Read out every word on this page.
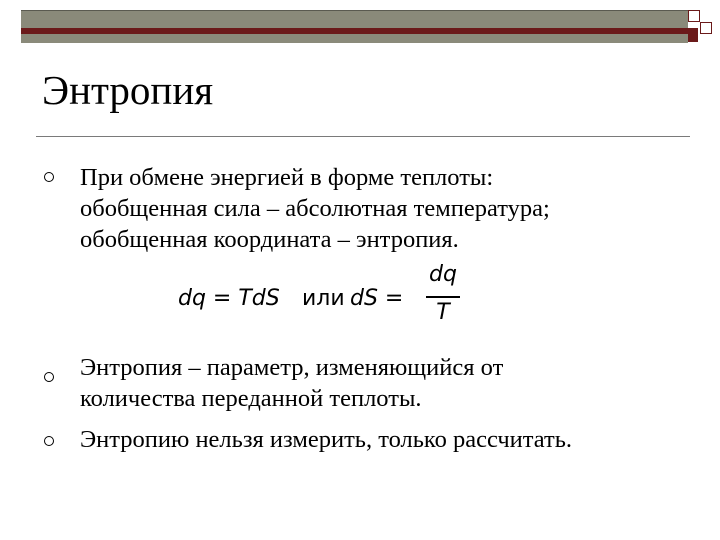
Энтропия
При обмене энергией в форме теплоты:
обобщенная сила – абсолютная температура;
обобщенная координата – энтропия.
dq = TdS или dS =
dq
T
Энтропия – параметр, изменяющийся от
количества переданной теплоты.
Энтропию нельзя измерить, только рассчитать.
